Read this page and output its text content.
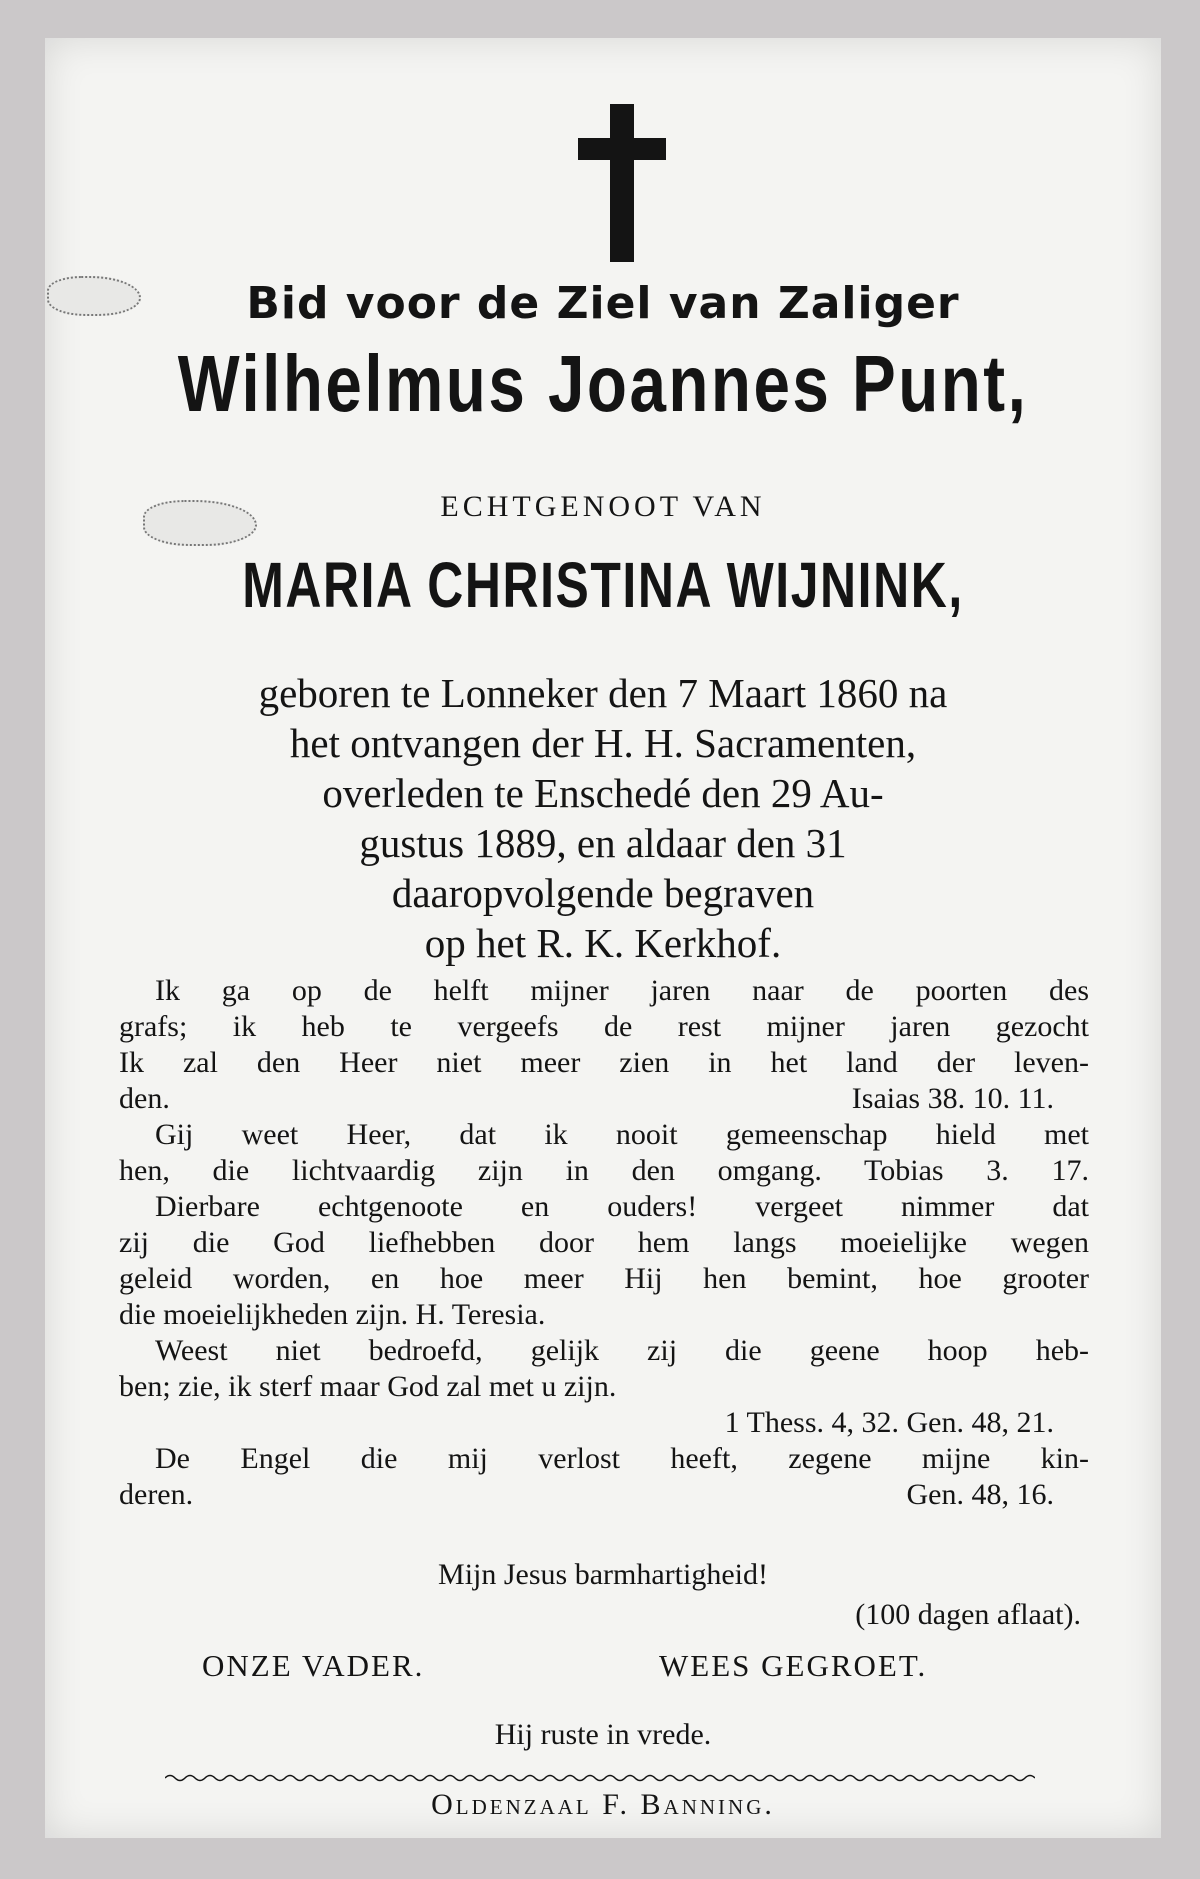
Bid voor de Ziel van Zaliger
Wilhelmus Joannes Punt,
ECHTGENOOT VAN
MARIA CHRISTINA WIJNINK,
geboren te Lonneker den 7 Maart 1860 na
het ontvangen der H. H. Sacramenten,
overleden te Enschedé den 29 Au-
gustus 1889, en aldaar den 31
daaropvolgende begraven
op het R. K. Kerkhof.
Ik ga op de helft mijner jaren naar de poorten des
grafs; ik heb te vergeefs de rest mijner jaren gezocht
Ik zal den Heer niet meer zien in het land der leven-
den.	Isaias 38. 10. 11.
Gij weet Heer, dat ik nooit gemeenschap hield met
hen, die lichtvaardig zijn in den omgang. Tobias 3. 17.
Dierbare echtgenoote en ouders! vergeet nimmer dat
zij die God liefhebben door hem langs moeielijke wegen
geleid worden, en hoe meer Hij hen bemint, hoe grooter
die moeielijkheden zijn. H. Teresia.
Weest niet bedroefd, gelijk zij die geene hoop heb-
ben; zie, ik sterf maar God zal met u zijn.
1 Thess. 4, 32. Gen. 48, 21.
De Engel die mij verlost heeft, zegene mijne kin-
deren.	Gen. 48, 16.
Mijn Jesus barmhartigheid!
(100 dagen aflaat).
ONZE VADER.	WEES GEGROET.
Hij ruste in vrede.
Oldenzaal F. Banning.
